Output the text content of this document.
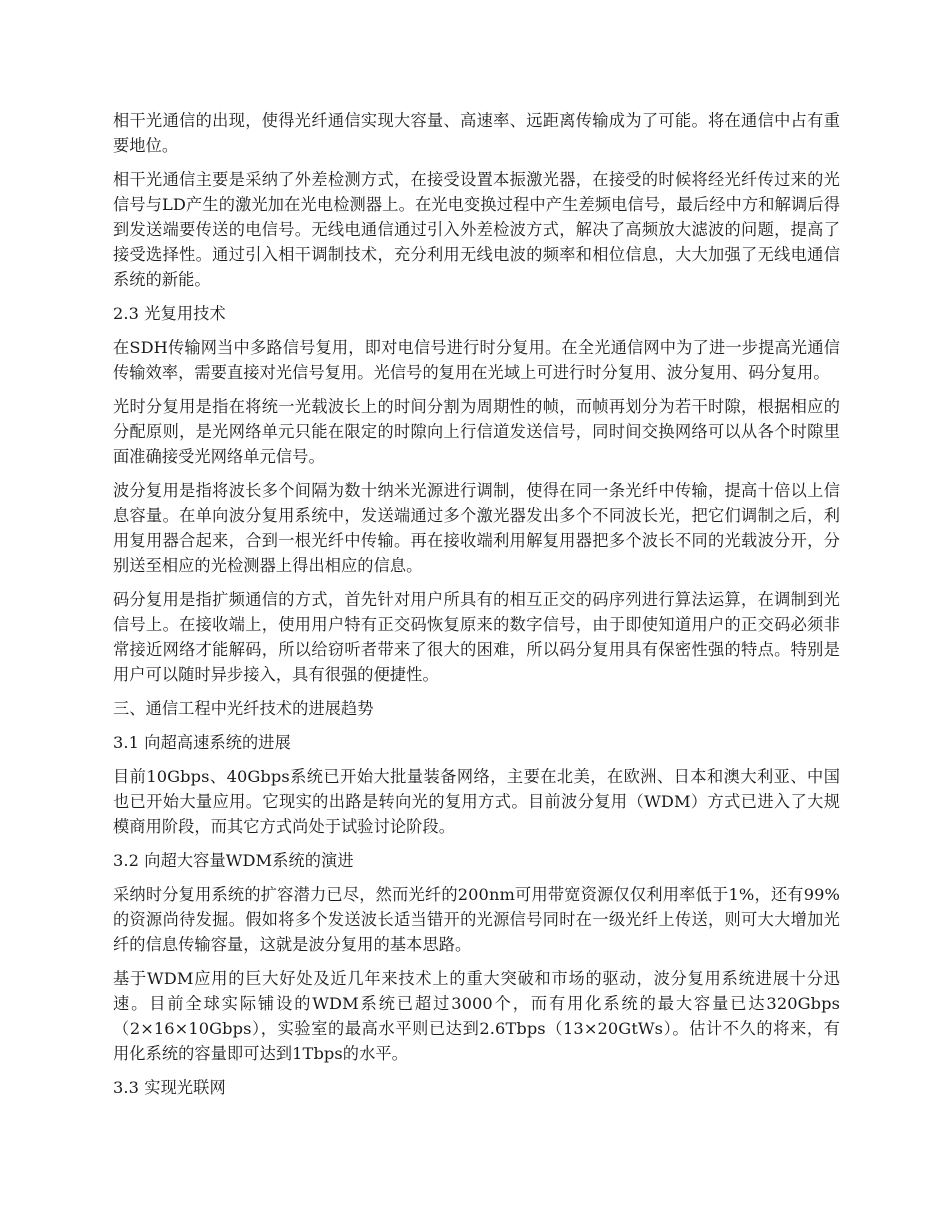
相干光通信的出现，使得光纤通信实现大容量、高速率、远距离传输成为了可能。将在通信中占有重要地位。

相干光通信主要是采纳了外差检测方式，在接受设置本振激光器，在接受的时候将经光纤传过来的光信号与LD产生的激光加在光电检测器上。在光电变换过程中产生差频电信号，最后经中方和解调后得到发送端要传送的电信号。无线电通信通过引入外差检波方式，解决了高频放大滤波的问题，提高了接受选择性。通过引入相干调制技术，充分利用无线电波的频率和相位信息，大大加强了无线电通信系统的新能。

2.3 光复用技术

在SDH传输网当中多路信号复用，即对电信号进行时分复用。在全光通信网中为了进一步提高光通信传输效率，需要直接对光信号复用。光信号的复用在光域上可进行时分复用、波分复用、码分复用。

光时分复用是指在将统一光载波长上的时间分割为周期性的帧，而帧再划分为若干时隙，根据相应的分配原则，是光网络单元只能在限定的时隙向上行信道发送信号，同时间交换网络可以从各个时隙里面准确接受光网络单元信号。

波分复用是指将波长多个间隔为数十纳米光源进行调制，使得在同一条光纤中传输，提高十倍以上信息容量。在单向波分复用系统中，发送端通过多个激光器发出多个不同波长光，把它们调制之后，利用复用器合起来，合到一根光纤中传输。再在接收端利用解复用器把多个波长不同的光载波分开，分别送至相应的光检测器上得出相应的信息。

码分复用是指扩频通信的方式，首先针对用户所具有的相互正交的码序列进行算法运算，在调制到光信号上。在接收端上，使用用户特有正交码恢复原来的数字信号，由于即使知道用户的正交码必须非常接近网络才能解码，所以给窃听者带来了很大的困难，所以码分复用具有保密性强的特点。特别是用户可以随时异步接入，具有很强的便捷性。

三、通信工程中光纤技术的进展趋势

3.1 向超高速系统的进展

目前10Gbps、40Gbps系统已开始大批量装备网络，主要在北美，在欧洲、日本和澳大利亚、中国也已开始大量应用。它现实的出路是转向光的复用方式。目前波分复用（WDM）方式已进入了大规模商用阶段，而其它方式尚处于试验讨论阶段。

3.2 向超大容量WDM系统的演进

采纳时分复用系统的扩容潜力已尽，然而光纤的200nm可用带宽资源仅仅利用率低于1%，还有99%的资源尚待发掘。假如将多个发送波长适当错开的光源信号同时在一级光纤上传送，则可大大增加光纤的信息传输容量，这就是波分复用的基本思路。

基于WDM应用的巨大好处及近几年来技术上的重大突破和市场的驱动，波分复用系统进展十分迅速。目前全球实际铺设的WDM系统已超过3000个，而有用化系统的最大容量已达320Gbps（2×16×10Gbps），实验室的最高水平则已达到2.6Tbps（13×20GtWs）。估计不久的将来，有用化系统的容量即可达到1Tbps的水平。

3.3 实现光联网
